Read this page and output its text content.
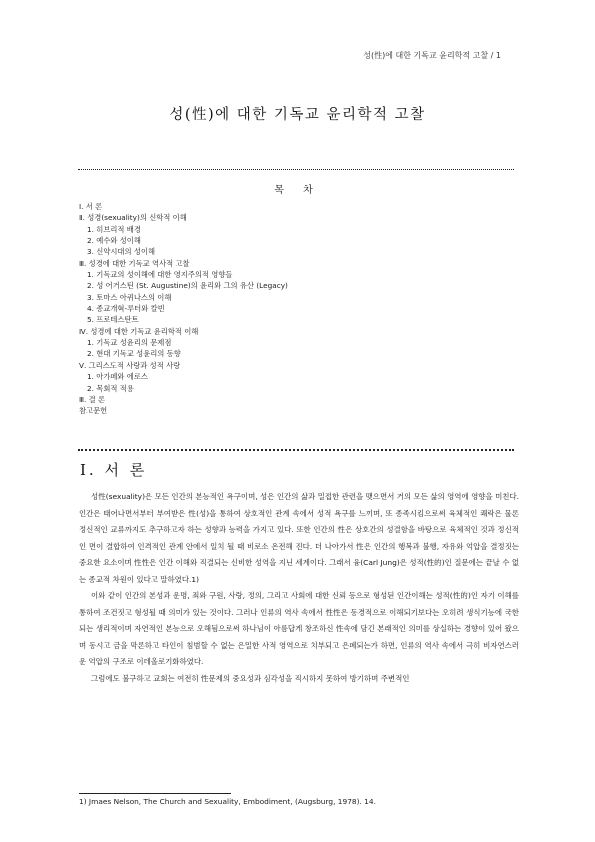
성(性)에 대한 기독교 윤리학적 고찰 / 1
성(性)에 대한 기독교 윤리학적 고찰
목 차
Ⅰ. 서 론
Ⅱ. 성경(sexuality)의 신학적 이해
1. 히브리적 배경
2. 예수와 성이해
3. 신약시대의 성이해
Ⅲ. 성경에 대한 기독교 역사적 고찰
1. 기독교의 성이해에 대한 영지주의적 영향들
2. 성 어거스틴 (St. Augustine)의 윤리와 그의 유산 (Legacy)
3. 토마스 아퀴나스의 이해
4. 종교개혁-루터와 칼빈
5. 프로테스탄트
Ⅳ. 성경에 대한 기독교 윤리학적 이해
1. 기독교 성윤리의 문제점
2. 현대 기독교 성윤리의 동향
Ⅴ. 그리스도적 사랑과 성적 사랑
1. 아가페와 에로스
2. 목회적 적용
Ⅲ. 결 론
참고문헌
Ⅰ. 서 론

성性(sexuality)은 모든 인간의 본능적인 욕구이며, 성은 인간의 삶과 밀접한 관련을 맺으면서 거의 모든 삶의 영역에 영향을 미친다. 인간은 태어나면서부터 부여받은 性(성)을 통하여 상호적인 관계 속에서 성적 욕구를 느끼며, 또 종족시킴으로써 육체적인 쾌락은 물론 정신적인 교류까지도 추구하고자 하는 성향과 능력을 가지고 있다. 또한 인간의 性은 상호간의 성결함을 바탕으로 육체적인 것과 정신적인 면이 결합하여 인격적인 관계 안에서 일치 될 때 비로소 온전해 진다. 더 나아가서 性은 인간의 행복과 불행, 자유와 억압을 결정짓는 중요한 요소이며 性性은 인간 이해와 직결되는 신비한 성역을 지닌 세계이다. 그래서 융(Carl Jung)은 성적(性的)인 질문에는 끝날 수 없는 종교적 차원이 있다고 말하였다.1)

이와 같이 인간의 본성과 운명, 죄와 구원, 사랑, 정의, 그리고 사회에 대한 신뢰 등으로 형성된 인간이해는 성적(性的)인 자기 이해를 통하여 조건짓고 형성될 때 의미가 있는 것이다. 그러나 인류의 역사 속에서 性性은 동경적으로 이해되기보다는 오히려 생식기능에 국한되는 생리적이며 자연적인 본능으로 오해됨으로써 하나님이 아름답게 창조하신 性속에 담긴 본래적인 의미를 상실하는 경향이 있어 왔으며 동시고 금을 막론하고 타인이 침범할 수 없는 은밀한 사적 영역으로 치부되고 은폐되는가 하면, 인류의 역사 속에서 극히 비자연스러운 억압의 구조로 이데올로기화하였다.

그럼에도 불구하고 교회는 여전히 性문제의 중요성과 심각성을 직시하지 못하여 방기하며 주변적인

1) Jmaes Nelson, The Church and Sexuality, Embodiment, (Augsburg, 1978). 14.
